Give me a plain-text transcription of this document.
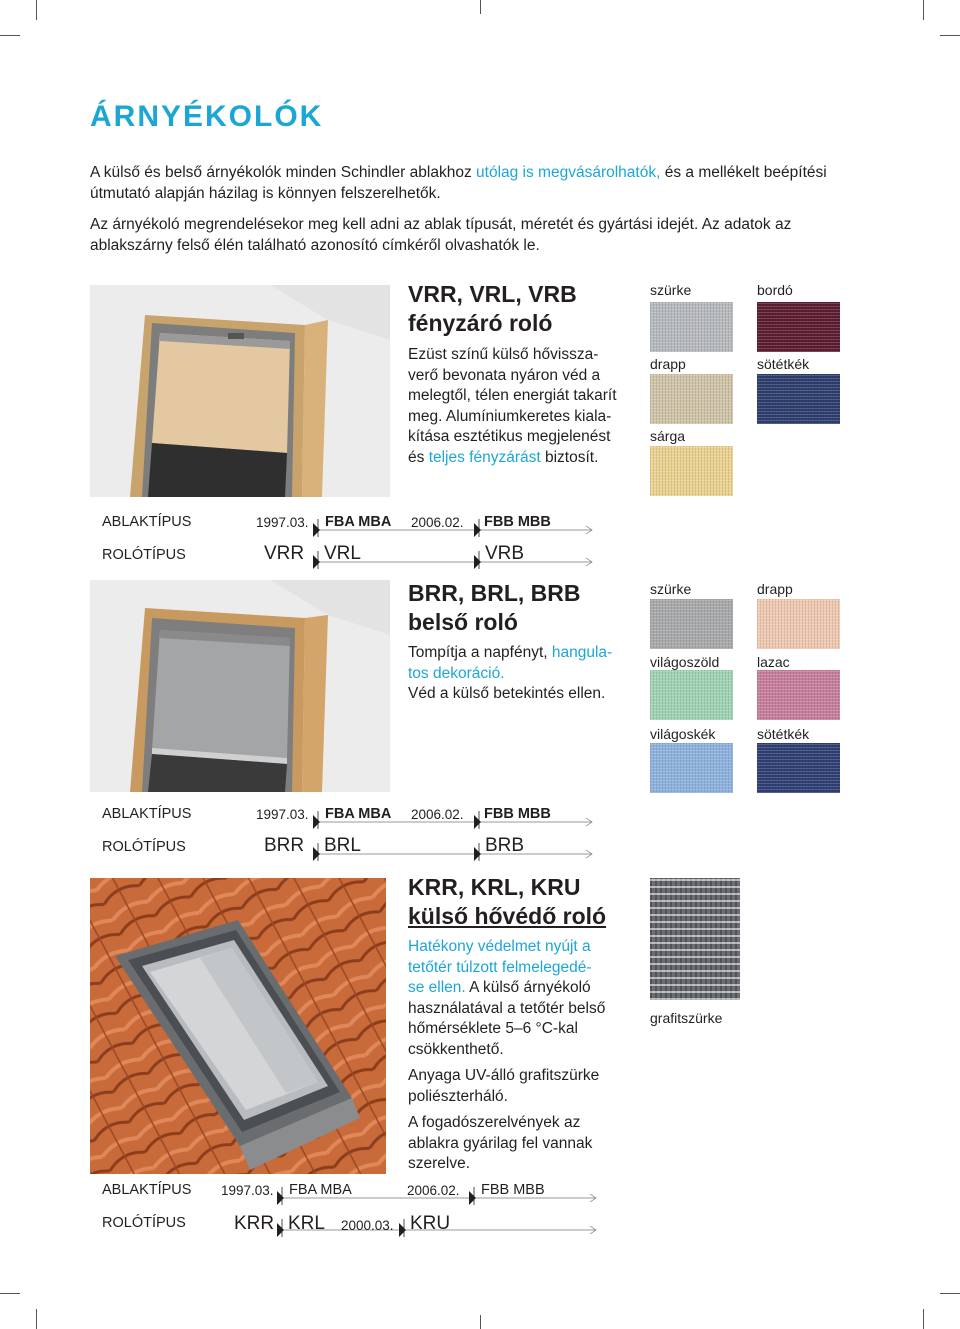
ÁRNYÉKOLÓK
A külső és belső árnyékolók minden Schindler ablakhoz utólag is megvásárolhatók, és a mellékelt beépítési útmutató alapján házilag is könnyen felszerelhetők.
Az árnyékoló megrendelésekor meg kell adni az ablak típusát, méretét és gyártási idejét. Az adatok az ablakszárny felső élén található azonosító címkéről olvashatók le.
VRR, VRL, VRB
fényzáró roló
Ezüst színű külső hővissza-
verő bevonata nyáron véd a
melegtől, télen energiát takarít
meg. Alumíniumkeretes kiala-
kítása esztétikus megjelenést
és teljes fényzárást biztosít.
szürke	bordó
drapp	sötétkék
sárga
ABLAKTÍPUS	1997.03. FBA MBA 2006.02. FBB MBB
ROLÓTÍPUS	VRR VRL	VRB
BRR, BRL, BRB
belső roló
Tompítja a napfényt, hangula-
tos dekoráció.
Véd a külső betekintés ellen.
szürke	drapp
világoszöld	lazac
világoskék	sötétkék
ABLAKTÍPUS	1997.03. FBA MBA 2006.02. FBB MBB
ROLÓTÍPUS	BRR BRL	BRB
KRR, KRL, KRU
külső hővédő roló
Hatékony védelmet nyújt a
tetőtér túlzott felmelegedé-
se ellen. A külső árnyékoló
használatával a tetőtér belső
hőmérséklete 5–6 °C-kal
csökkenthető.
Anyaga UV-álló grafitszürke
poliészterháló.
A fogadószerelvények az
ablakra gyárilag fel vannak
szerelve.
grafitszürke
ABLAKTÍPUS 1997.03. FBA MBA	2006.02. FBB MBB
ROLÓTÍPUS	KRR KRL 2000.03. KRU
